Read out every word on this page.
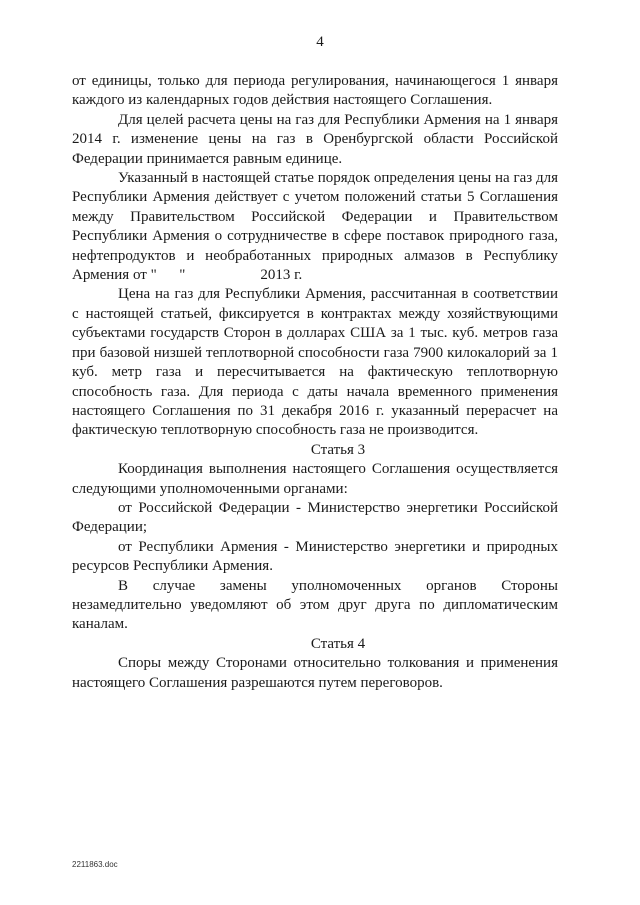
4

от единицы, только для периода регулирования, начинающегося 1 января каждого из календарных годов действия настоящего Соглашения.

Для целей расчета цены на газ для Республики Армения на 1 января 2014 г. изменение цены на газ в Оренбургской области Российской Федерации принимается равным единице.

Указанный в настоящей статье порядок определения цены на газ для Республики Армения действует с учетом положений статьи 5 Соглашения между Правительством Российской Федерации и Правительством Республики Армения о сотрудничестве в сфере поставок природного газа, нефтепродуктов и необработанных природных алмазов в Республику Армения от "      "                    2013 г.

Цена на газ для Республики Армения, рассчитанная в соответствии с настоящей статьей, фиксируется в контрактах между хозяйствующими субъектами государств Сторон в долларах США за 1 тыс. куб. метров газа при базовой низшей теплотворной способности газа 7900 килокалорий за 1 куб. метр газа и пересчитывается на фактическую теплотворную способность газа. Для периода с даты начала временного применения настоящего Соглашения по 31 декабря 2016 г. указанный перерасчет на фактическую теплотворную способность газа не производится.

Статья 3

Координация выполнения настоящего Соглашения осуществляется следующими уполномоченными органами:

от Российской Федерации - Министерство энергетики Российской Федерации;

от Республики Армения - Министерство энергетики и природных ресурсов Республики Армения.

В случае замены уполномоченных органов Стороны незамедлительно уведомляют об этом друг друга по дипломатическим каналам.

Статья 4

Споры между Сторонами относительно толкования и применения настоящего Соглашения разрешаются путем переговоров.

2211863.doc
